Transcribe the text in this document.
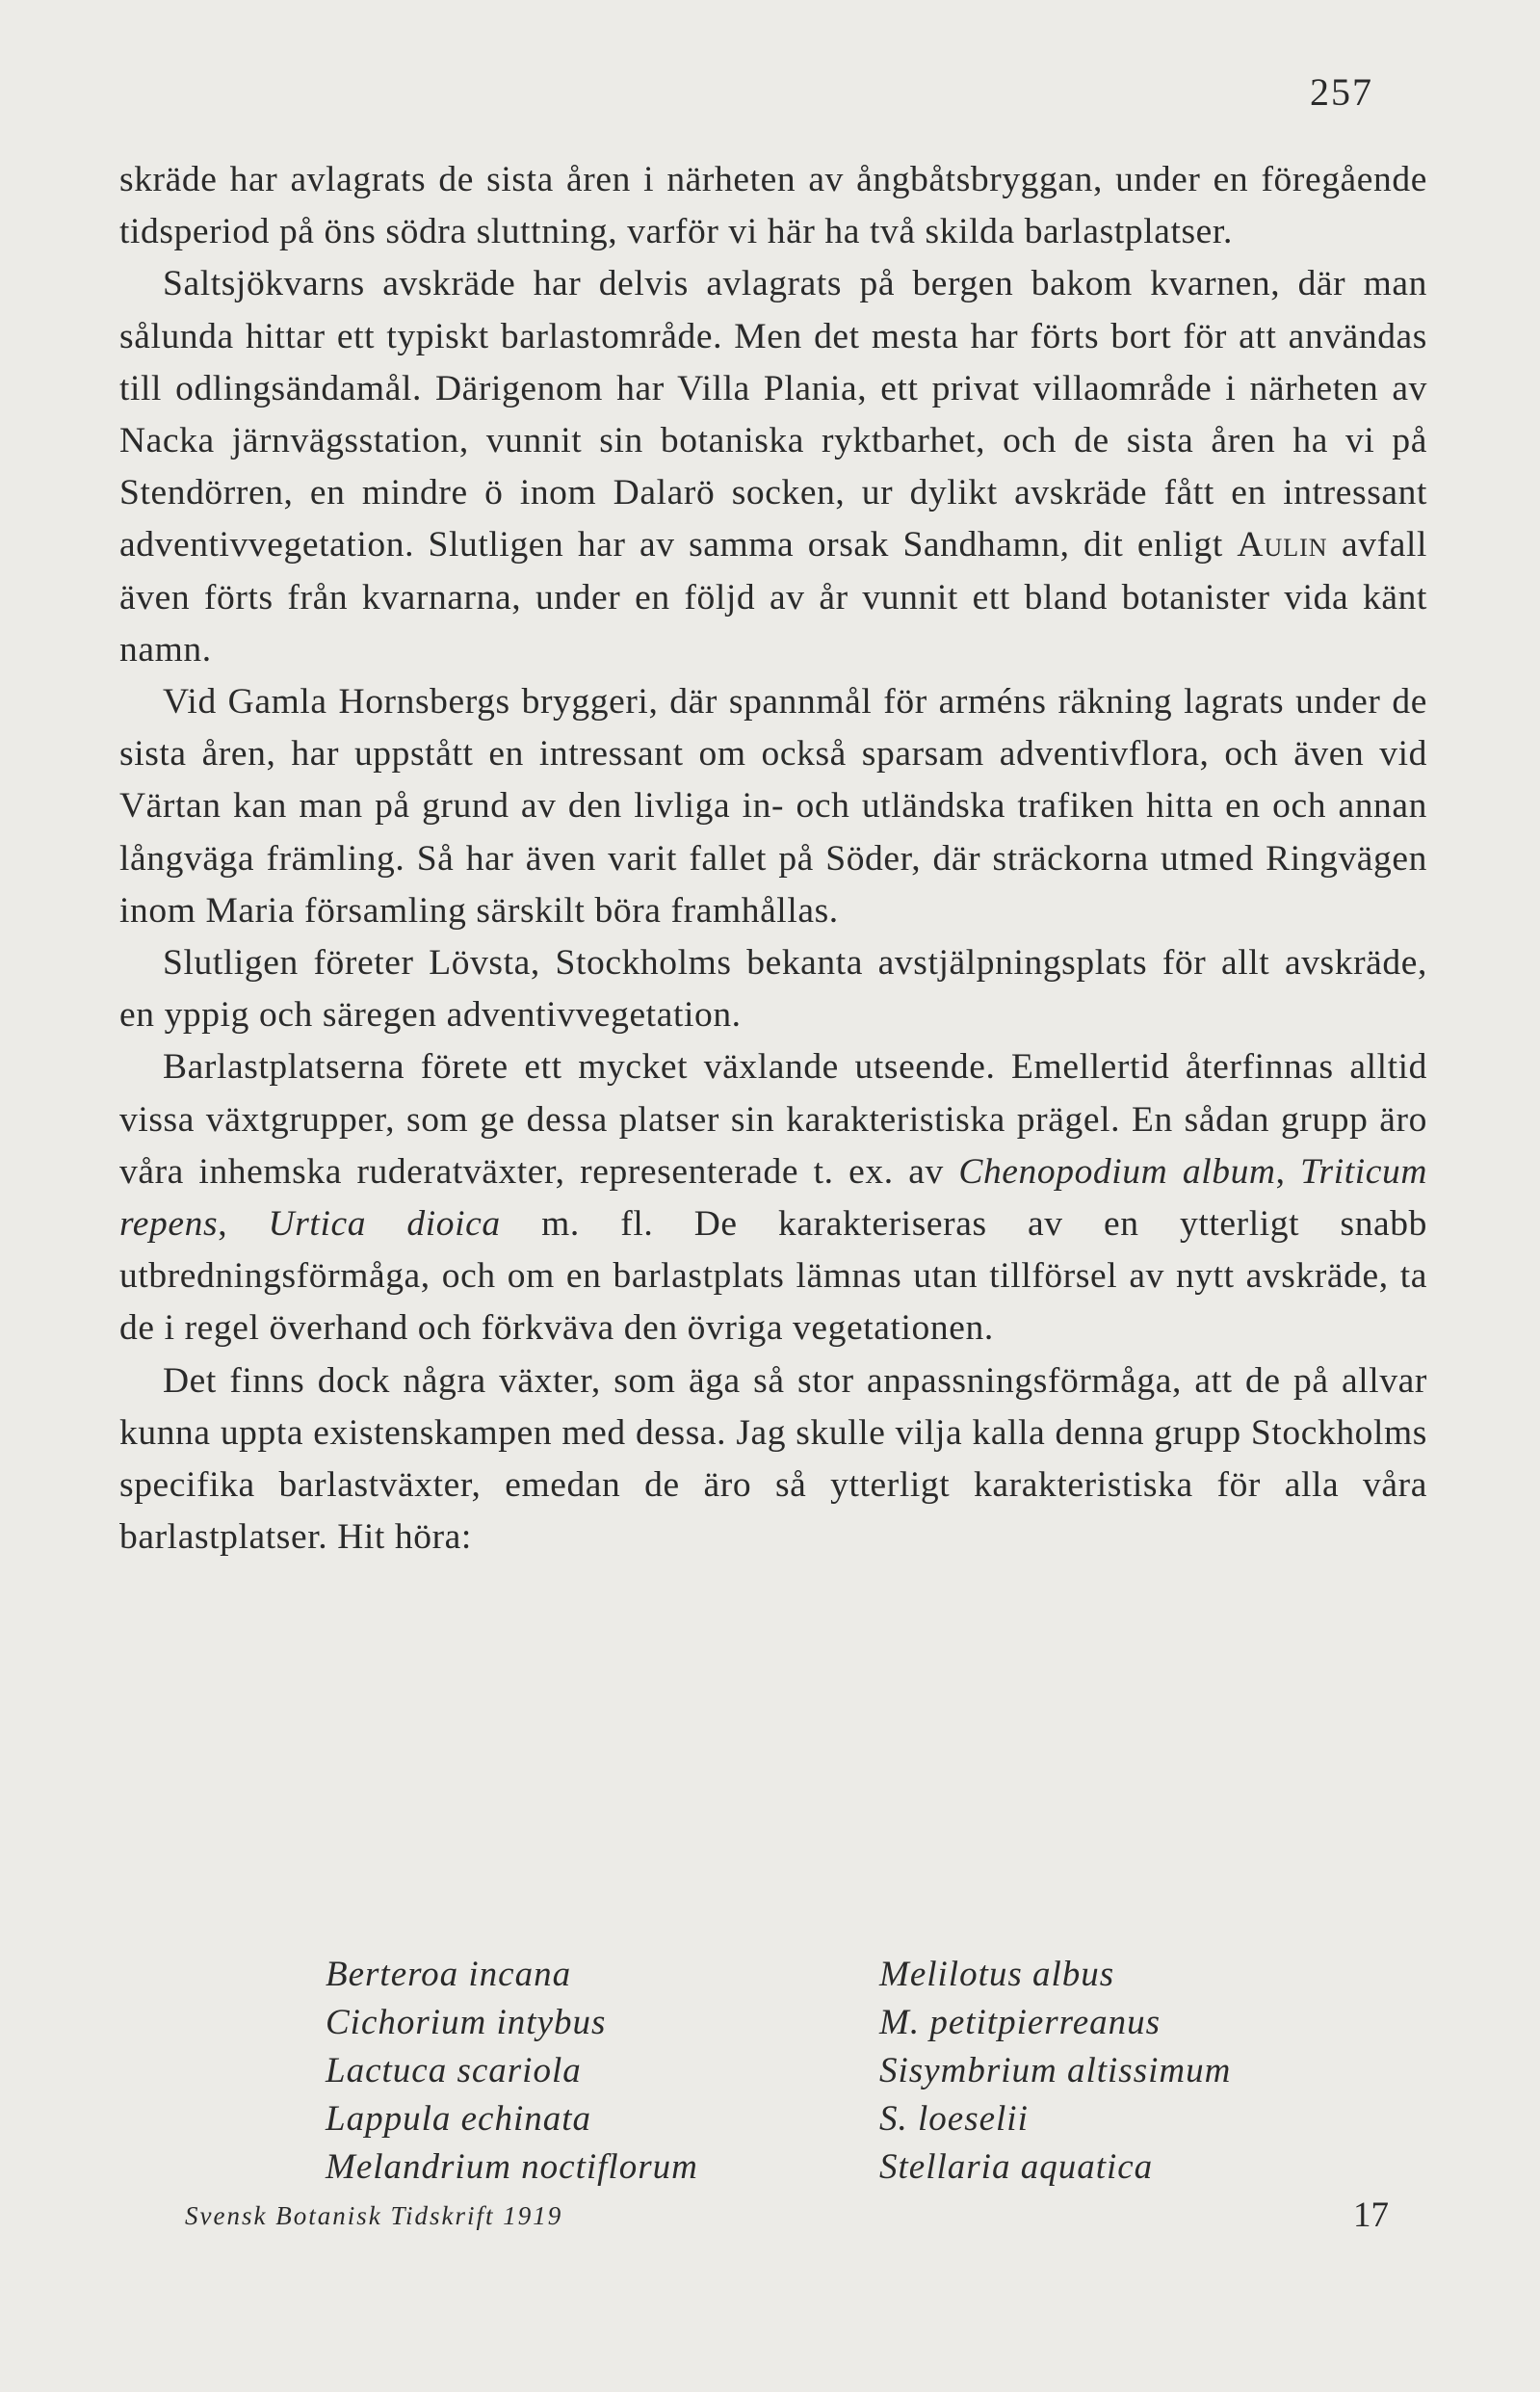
257

skräde har avlagrats de sista åren i närheten av ångbåtsbryggan, under en föregående tidsperiod på öns södra sluttning, varför vi här ha två skilda barlastplatser.

Saltsjökvarns avskräde har delvis avlagrats på bergen bakom kvarnen, där man sålunda hittar ett typiskt barlastområde. Men det mesta har förts bort för att användas till odlingsändamål. Därigenom har Villa Plania, ett privat villaområde i närheten av Nacka järnvägsstation, vunnit sin botaniska ryktbarhet, och de sista åren ha vi på Stendörren, en mindre ö inom Dalarö socken, ur dylikt avskräde fått en intressant adventivvegetation. Slutligen har av samma orsak Sandhamn, dit enligt Aulin avfall även förts från kvarnarna, under en följd av år vunnit ett bland botanister vida känt namn.

Vid Gamla Hornsbergs bryggeri, där spannmål för arméns räkning lagrats under de sista åren, har uppstått en intressant om också sparsam adventivflora, och även vid Värtan kan man på grund av den livliga in- och utländska trafiken hitta en och annan långväga främling. Så har även varit fallet på Söder, där sträckorna utmed Ringvägen inom Maria församling särskilt böra framhållas.

Slutligen företer Lövsta, Stockholms bekanta avstjälpningsplats för allt avskräde, en yppig och säregen adventivvegetation.

Barlastplatserna förete ett mycket växlande utseende. Emellertid återfinnas alltid vissa växtgrupper, som ge dessa platser sin karakteristiska prägel. En sådan grupp äro våra inhemska ruderatväxter, representerade t. ex. av Chenopodium album, Triticum repens, Urtica dioica m. fl. De karakteriseras av en ytterligt snabb utbredningsförmåga, och om en barlastplats lämnas utan tillförsel av nytt avskräde, ta de i regel överhand och förkväva den övriga vegetationen.

Det finns dock några växter, som äga så stor anpassningsförmåga, att de på allvar kunna uppta existenskampen med dessa. Jag skulle vilja kalla denna grupp Stockholms specifika barlastväxter, emedan de äro så ytterligt karakteristiska för alla våra barlastplatser. Hit höra:

Berteroa incana
Cichorium intybus
Lactuca scariola
Lappula echinata
Melandrium noctiflorum
Melilotus albus
M. petitpierreanus
Sisymbrium altissimum
S. loeselii
Stellaria aquatica
Svensk Botanisk Tidskrift 1919	17
